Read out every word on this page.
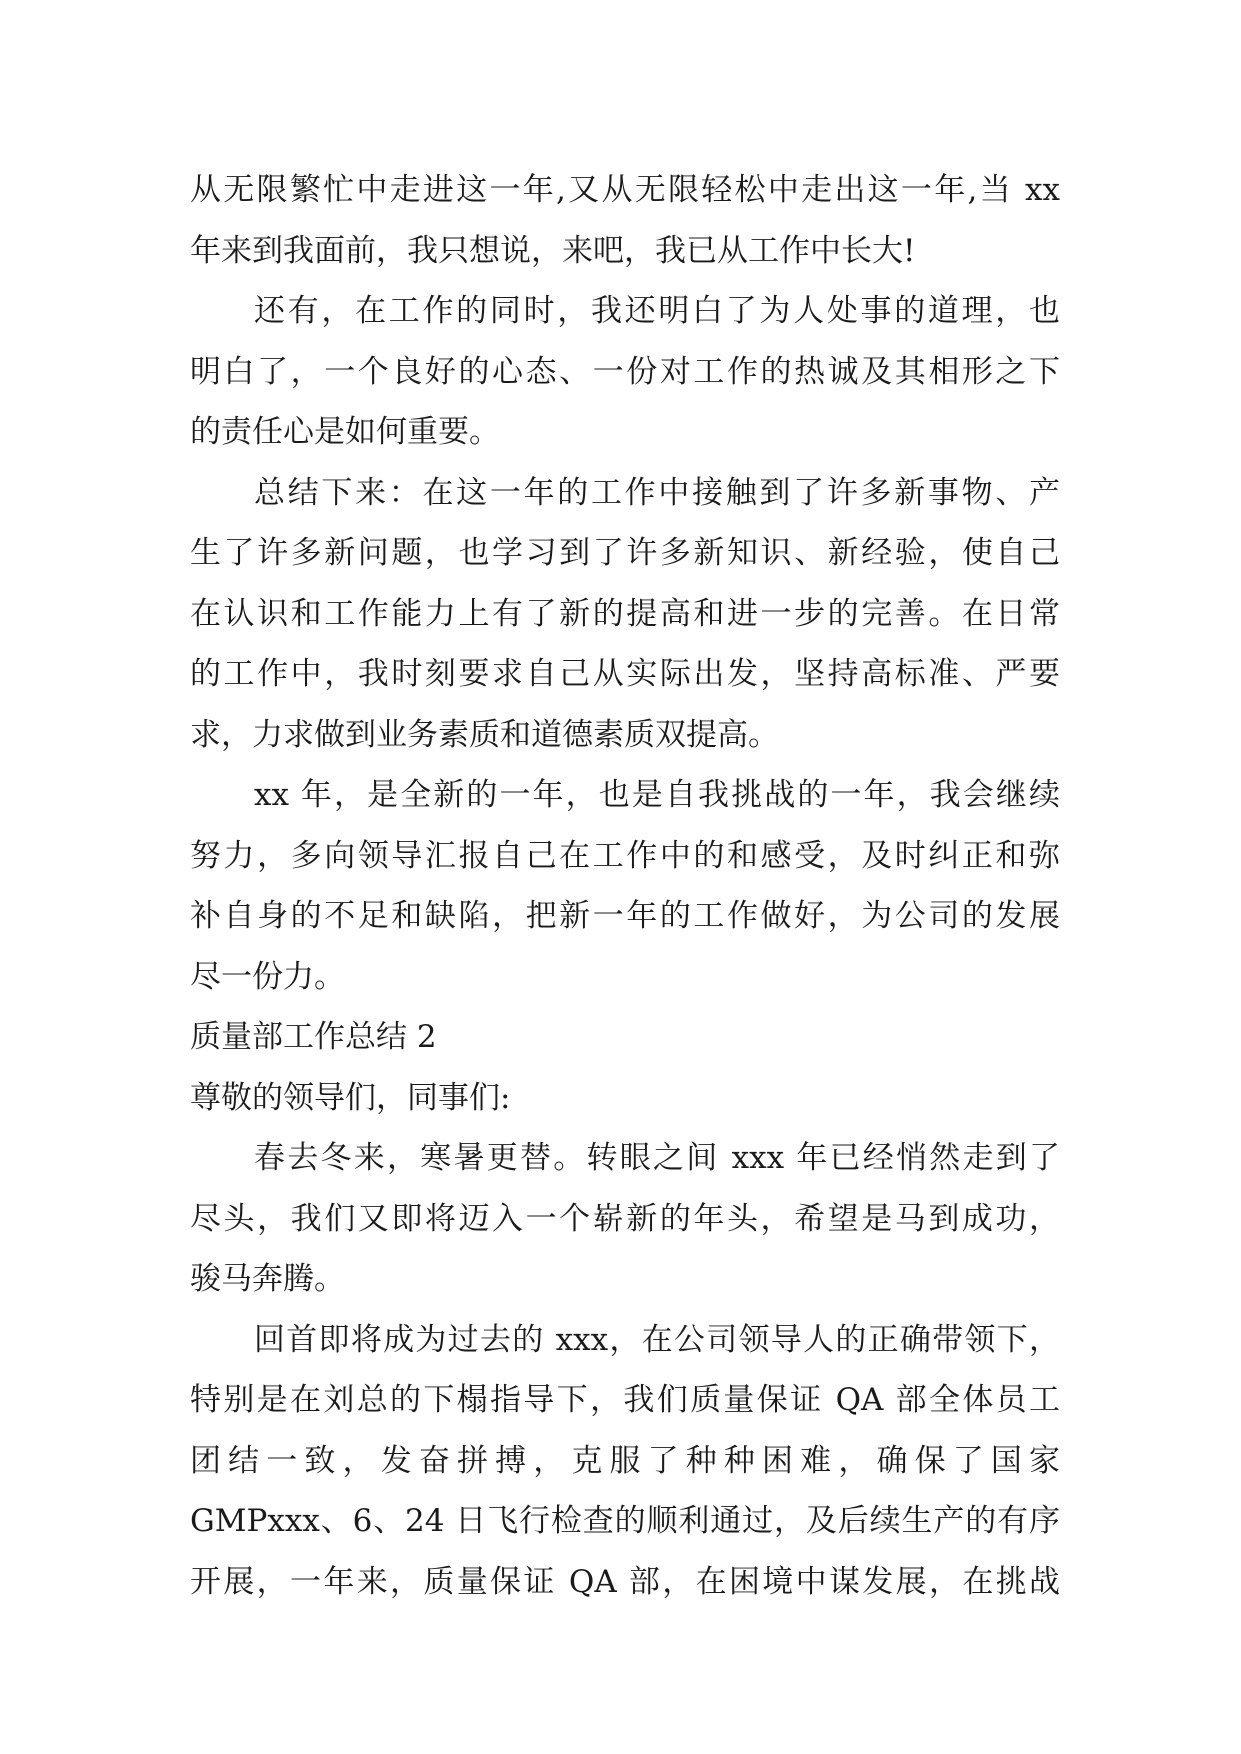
从无限繁忙中走进这一年,又从无限轻松中走出这一年,当 xx
年来到我面前，我只想说，来吧，我已从工作中长大!
还有，在工作的同时，我还明白了为人处事的道理，也
明白了，一个良好的心态、一份对工作的热诚及其相形之下
的责任心是如何重要。
总结下来：在这一年的工作中接触到了许多新事物、产
生了许多新问题，也学习到了许多新知识、新经验，使自己
在认识和工作能力上有了新的提高和进一步的完善。在日常
的工作中，我时刻要求自己从实际出发，坚持高标准、严要
求，力求做到业务素质和道德素质双提高。
xx 年，是全新的一年，也是自我挑战的一年，我会继续
努力，多向领导汇报自己在工作中的和感受，及时纠正和弥
补自身的不足和缺陷，把新一年的工作做好，为公司的发展
尽一份力。
质量部工作总结 2
尊敬的领导们，同事们:
春去冬来，寒暑更替。转眼之间 xxx 年已经悄然走到了
尽头，我们又即将迈入一个崭新的年头，希望是马到成功，
骏马奔腾。
回首即将成为过去的 xxx，在公司领导人的正确带领下，
特别是在刘总的下榻指导下，我们质量保证 QA 部全体员工
团结一致，发奋拼搏，克服了种种困难，确保了国家
GMPxxx、6、24 日飞行检查的顺利通过，及后续生产的有序
开展，一年来，质量保证 QA 部，在困境中谋发展，在挑战
